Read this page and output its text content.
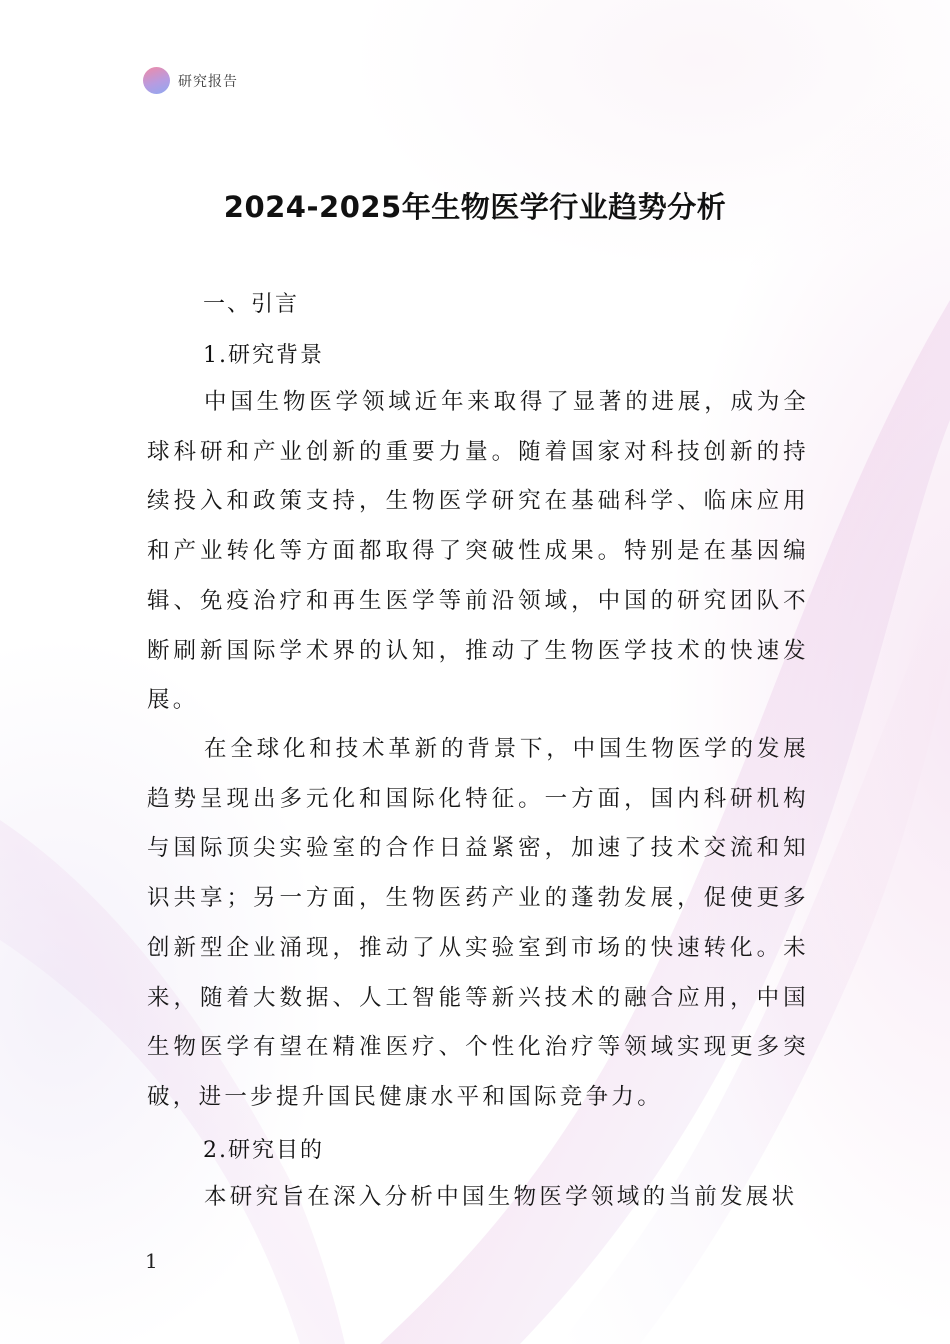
研究报告
2024-2025年生物医学行业趋势分析
一、引言
1.研究背景

中国生物医学领域近年来取得了显著的进展，成为全球科研和产业创新的重要力量。随着国家对科技创新的持续投入和政策支持，生物医学研究在基础科学、临床应用和产业转化等方面都取得了突破性成果。特别是在基因编辑、免疫治疗和再生医学等前沿领域，中国的研究团队不断刷新国际学术界的认知，推动了生物医学技术的快速发展。

在全球化和技术革新的背景下，中国生物医学的发展趋势呈现出多元化和国际化特征。一方面，国内科研机构与国际顶尖实验室的合作日益紧密，加速了技术交流和知识共享；另一方面，生物医药产业的蓬勃发展，促使更多创新型企业涌现，推动了从实验室到市场的快速转化。未来，随着大数据、人工智能等新兴技术的融合应用，中国生物医学有望在精准医疗、个性化治疗等领域实现更多突破，进一步提升国民健康水平和国际竞争力。

2.研究目的

本研究旨在深入分析中国生物医学领域的当前发展状

1
